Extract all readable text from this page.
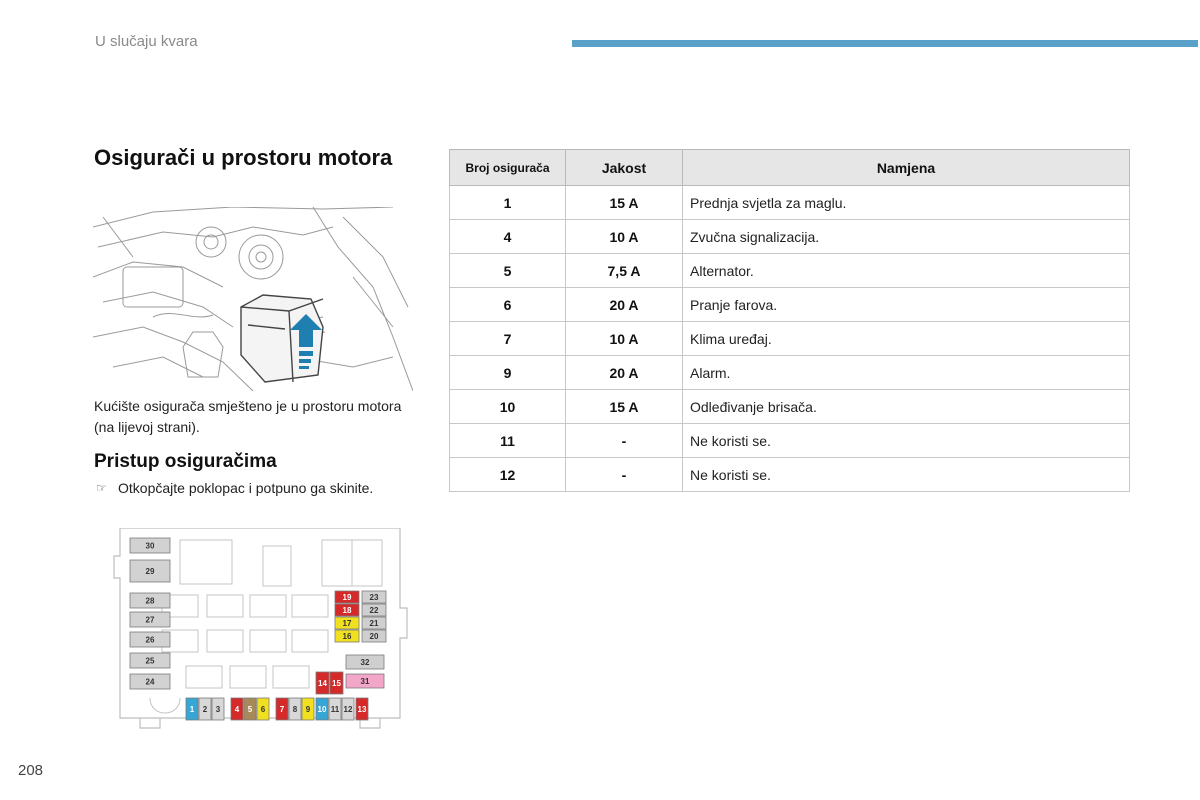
U slučaju kvara
Osigurači u prostoru motora
Kućište osigurača smješteno je u prostoru motora (na lijevoj strani).
Pristup osiguračima
☞ Otkopčajte poklopac i potpuno ga skinite.
30
29
28
27
26
25
24
19 23
18 22
17 21
16 20
32
14 15 31
1 2 3 4 5 6 7 8 9 10 11 12 13
Broj osigurača	Jakost	Namjena
1	15 A	Prednja svjetla za maglu.
4	10 A	Zvučna signalizacija.
5	7,5 A	Alternator.
6	20 A	Pranje farova.
7	10 A	Klima uređaj.
9	20 A	Alarm.
10	15 A	Odleđivanje brisača.
11	-	Ne koristi se.
12	-	Ne koristi se.
208
